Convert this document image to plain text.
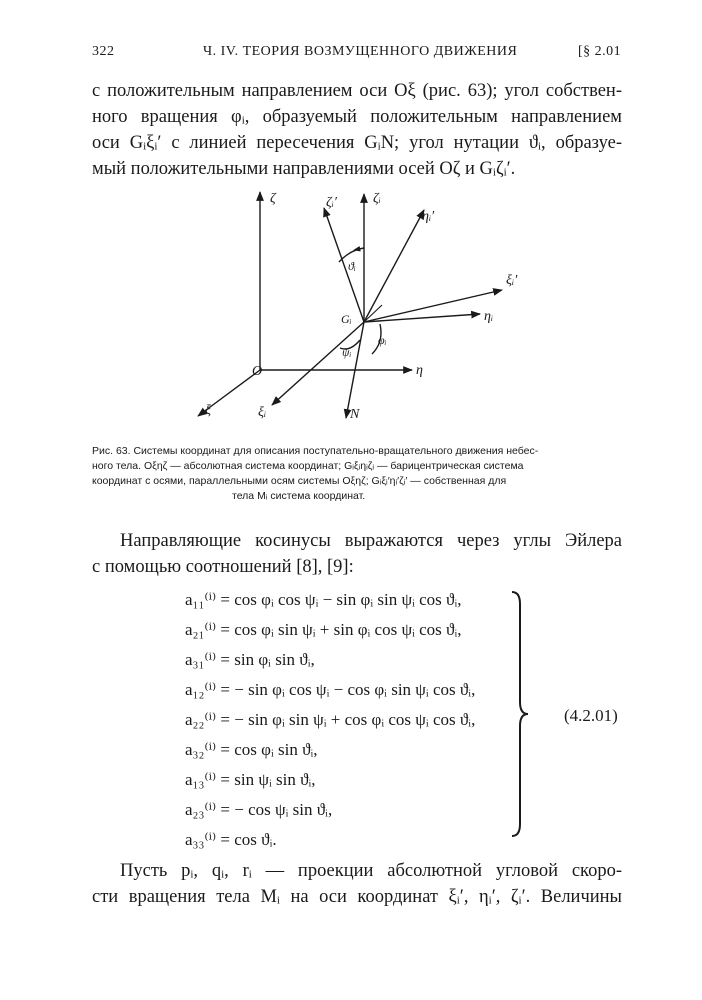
322	Ч. IV. ТЕОРИЯ ВОЗМУЩЕННОГО ДВИЖЕНИЯ	[§ 2.01
с положительным направлением оси Oξ (рис. 63); угол собствен-
ного вращения φᵢ, образуемый положительным направлением
оси Gᵢξᵢ′ с линией пересечения GᵢN; угол нутации ϑᵢ, образуе-
мый положительными направлениями осей Oζ и Gᵢζᵢ′.
ζ	ζᵢ′	ζᵢ
ηᵢ′
ξᵢ′
ηᵢ
Gᵢ
ϑᵢ
φᵢ
ψᵢ
O	η
ξ	ξᵢ	N
Рис. 63. Системы координат для описания поступательно-вращательного движения небес-
ного тела. Oξηζ — абсолютная система координат; Gᵢξᵢηᵢζᵢ — барицентрическая система
координат с осями, параллельными осям системы Oξηζ; Gᵢξᵢ′ηᵢ′ζᵢ′ — собственная для
тела Mᵢ система координат.
Направляющие косинусы выражаются через углы Эйлера
с помощью соотношений [8], [9]:
a₁₁⁽ⁱ⁾ = cos φᵢ cos ψᵢ − sin φᵢ sin ψᵢ cos ϑᵢ,
a₂₁⁽ⁱ⁾ = cos φᵢ sin ψᵢ + sin φᵢ cos ψᵢ cos ϑᵢ,
a₃₁⁽ⁱ⁾ = sin φᵢ sin ϑᵢ,
a₁₂⁽ⁱ⁾ = − sin φᵢ cos ψᵢ − cos φᵢ sin ψᵢ cos ϑᵢ,
a₂₂⁽ⁱ⁾ = − sin φᵢ sin ψᵢ + cos φᵢ cos ψᵢ cos ϑᵢ,
a₃₂⁽ⁱ⁾ = cos φᵢ sin ϑᵢ,
a₁₃⁽ⁱ⁾ = sin ψᵢ sin ϑᵢ,
a₂₃⁽ⁱ⁾ = − cos ψᵢ sin ϑᵢ,
a₃₃⁽ⁱ⁾ = cos ϑᵢ.
(4.2.01)
Пусть pᵢ, qᵢ, rᵢ — проекции абсолютной угловой скоро-
сти вращения тела Mᵢ на оси координат ξᵢ′, ηᵢ′, ζᵢ′. Величины
